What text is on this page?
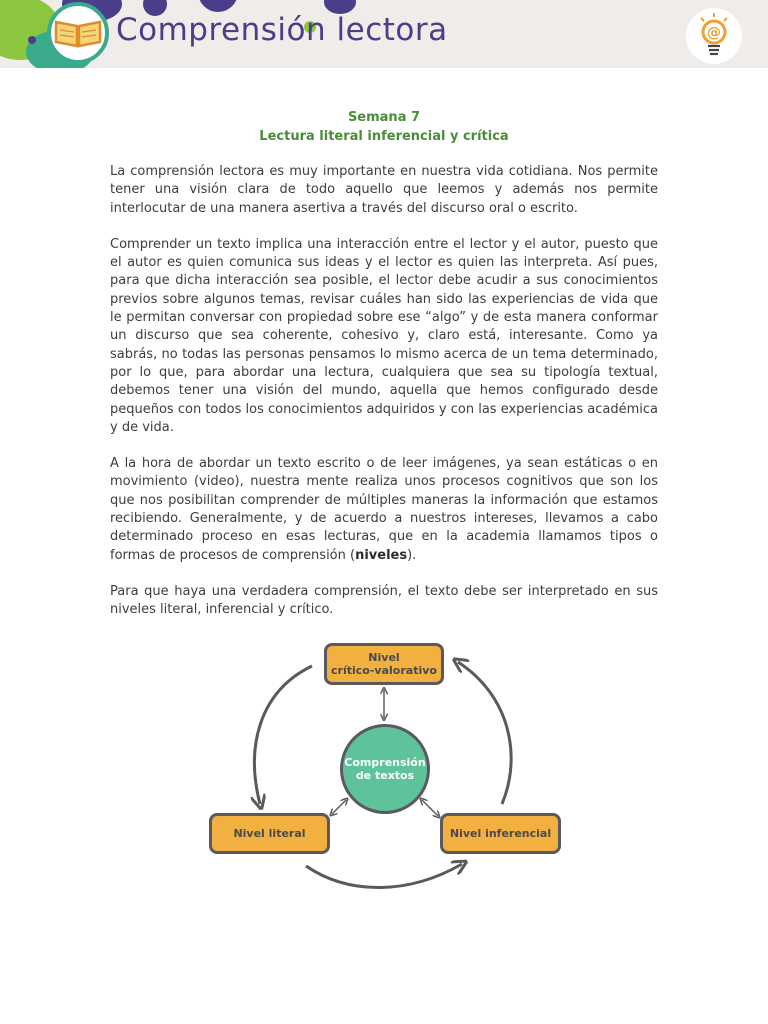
Comprensión lectora	@
Semana 7
Lectura literal inferencial y crítica

La comprensión lectora es muy importante en nuestra vida cotidiana. Nos permite tener una visión clara de todo aquello que leemos y además nos permite interlocutar de una manera asertiva a través del discurso oral o escrito.

Comprender un texto implica una interacción entre el lector y el autor, puesto que el autor es quien comunica sus ideas y el lector es quien las interpreta. Así pues, para que dicha interacción sea posible, el lector debe acudir a sus conocimientos previos sobre algunos temas, revisar cuáles han sido las experiencias de vida que le permitan conversar con propiedad sobre ese “algo” y de esta manera conformar un discurso que sea coherente, cohesivo y, claro está, interesante. Como ya sabrás, no todas las personas pensamos lo mismo acerca de un tema determinado, por lo que, para abordar una lectura, cualquiera que sea su tipología textual, debemos tener una visión del mundo, aquella que hemos configurado desde pequeños con todos los conocimientos adquiridos y con las experiencias académica y de vida.

A la hora de abordar un texto escrito o de leer imágenes, ya sean estáticas o en movimiento (video), nuestra mente realiza unos procesos cognitivos que son los que nos posibilitan comprender de múltiples maneras la información que estamos recibiendo. Generalmente, y de acuerdo a nuestros intereses, llevamos a cabo determinado proceso en esas lecturas, que en la academia llamamos tipos o formas de procesos de comprensión (niveles).

Para que haya una verdadera comprensión, el texto debe ser interpretado en sus niveles literal, inferencial y crítico.

Nivel
crítico-valorativo
Comprensión
de textos
Nivel literal	Nivel inferencial
